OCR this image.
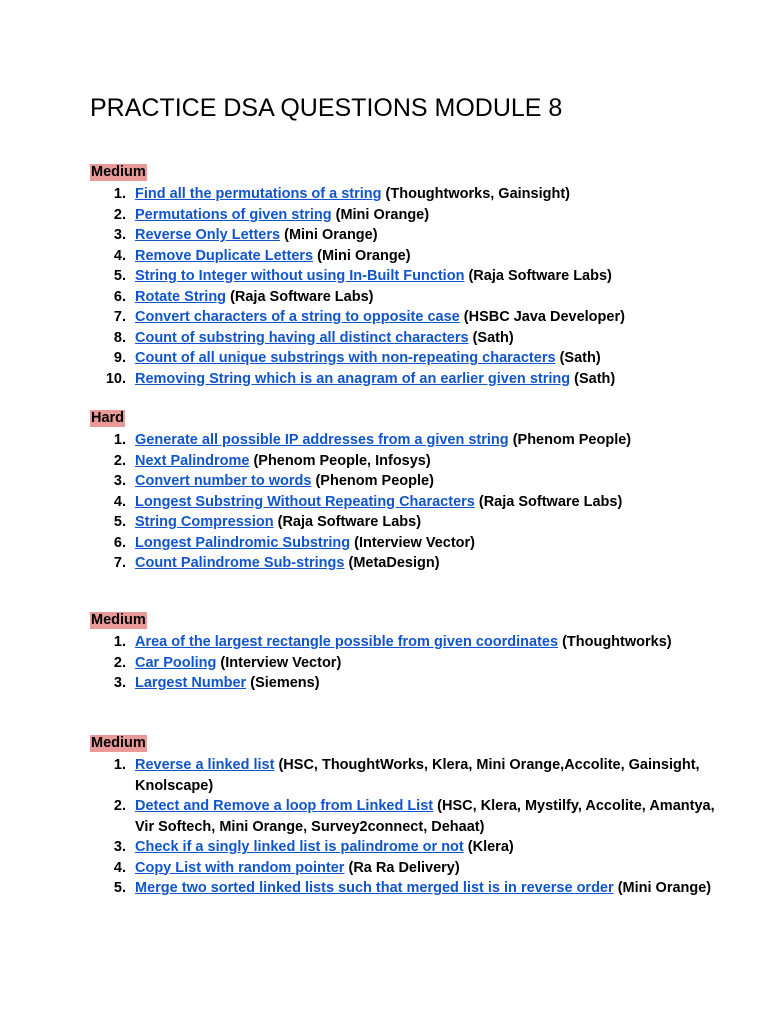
PRACTICE DSA QUESTIONS MODULE 8
Medium
1. Find all the permutations of a string (Thoughtworks, Gainsight)
2. Permutations of given string (Mini Orange)
3. Reverse Only Letters (Mini Orange)
4. Remove Duplicate Letters (Mini Orange)
5. String to Integer without using In-Built Function (Raja Software Labs)
6. Rotate String (Raja Software Labs)
7. Convert characters of a string to opposite case (HSBC Java Developer)
8. Count of substring having all distinct characters (Sath)
9. Count of all unique substrings with non-repeating characters (Sath)
10. Removing String which is an anagram of an earlier given string (Sath)
Hard
1. Generate all possible IP addresses from a given string (Phenom People)
2. Next Palindrome (Phenom People, Infosys)
3. Convert number to words (Phenom People)
4. Longest Substring Without Repeating Characters (Raja Software Labs)
5. String Compression (Raja Software Labs)
6. Longest Palindromic Substring (Interview Vector)
7. Count Palindrome Sub-strings (MetaDesign)
Medium
1. Area of the largest rectangle possible from given coordinates (Thoughtworks)
2. Car Pooling (Interview Vector)
3. Largest Number (Siemens)
Medium
1. Reverse a linked list (HSC, ThoughtWorks, Klera, Mini Orange,Accolite, Gainsight, Knolscape)
2. Detect and Remove a loop from Linked List (HSC, Klera, Mystilfy, Accolite, Amantya, Vir Softech, Mini Orange, Survey2connect, Dehaat)
3. Check if a singly linked list is palindrome or not (Klera)
4. Copy List with random pointer (Ra Ra Delivery)
5. Merge two sorted linked lists such that merged list is in reverse order (Mini Orange)
